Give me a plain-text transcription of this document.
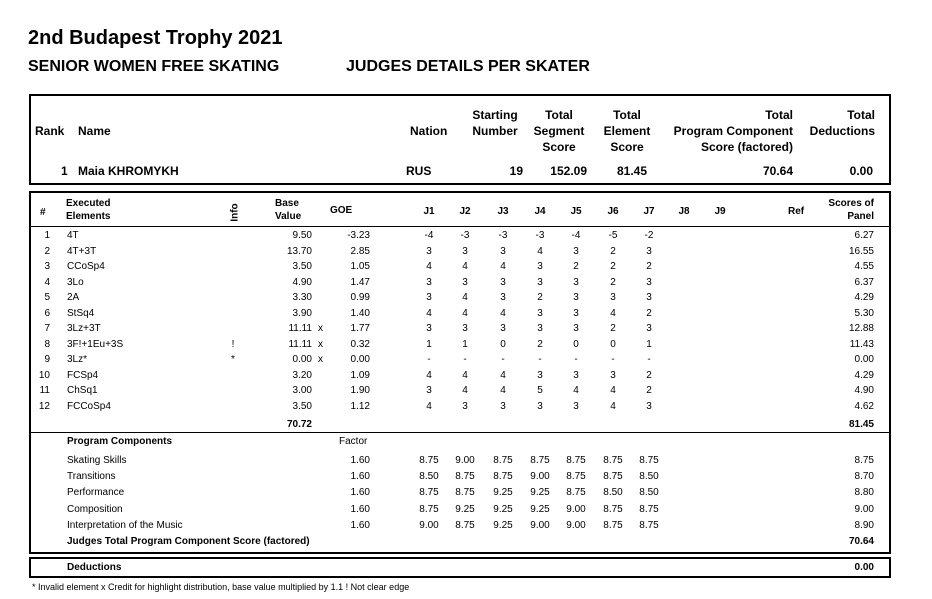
2nd Budapest Trophy 2021
SENIOR WOMEN FREE SKATING	JUDGES DETAILS PER SKATER
Rank Name	Nation
Starting
Number
Total
Segment
Score
Total
Element
Score
Total
Program Component
Score (factored)
Total
Deductions
1 Maia KHROMYKH	RUS	19	152.09	81.45	70.64	0.00
#
Executed
Elements	Info	Base
Value
GOE	J1	J2	J3	J4	J5	J6	J7	J8	J9	Ref
Scores of
Panel
1 4T	9.50	-3.23	-4	-3	-3	-3	-4	-5	-2	6.27
2 4T+3T	13.70	2.85	3	3	3	4	3	2	3	16.55
3 CCoSp4	3.50	1.05	4	4	4	3	2	2	2	4.55
4 3Lo	4.90	1.47	3	3	3	3	3	2	3	6.37
5 2A	3.30	0.99	3	4	3	2	3	3	3	4.29
6 StSq4	3.90	1.40	4	4	4	3	3	4	2	5.30
7 3Lz+3T	11.11 x	1.77	3	3	3	3	3	2	3	12.88
8 3F!+1Eu+3S	!	11.11 x	0.32	1	1	0	2	0	0	1	11.43
9 3Lz*	*	0.00 x	0.00	-	-	-	-	-	-	-	0.00
10 FCSp4	3.20	1.09	4	4	4	3	3	3	2	4.29
11 ChSq1	3.00	1.90	3	4	4	5	4	4	2	4.90
12 FCCoSp4	3.50	1.12	4	3	3	3	3	4	3	4.62
70.72	81.45
Program Components	Factor
Skating Skills	1.60	8.75	9.00	8.75	8.75	8.75	8.75	8.75	8.75
Transitions	1.60	8.50	8.75	8.75	9.00	8.75	8.75	8.50	8.70
Performance	1.60	8.75	8.75	9.25	9.25	8.75	8.50	8.50	8.80
Composition	1.60	8.75	9.25	9.25	9.25	9.00	8.75	8.75	9.00
Interpretation of the Music	1.60	9.00	8.75	9.25	9.00	9.00	8.75	8.75	8.90
Judges Total Program Component Score (factored)	70.64
Deductions	0.00
* Invalid element x Credit for highlight distribution, base value multiplied by 1.1 ! Not clear edge
